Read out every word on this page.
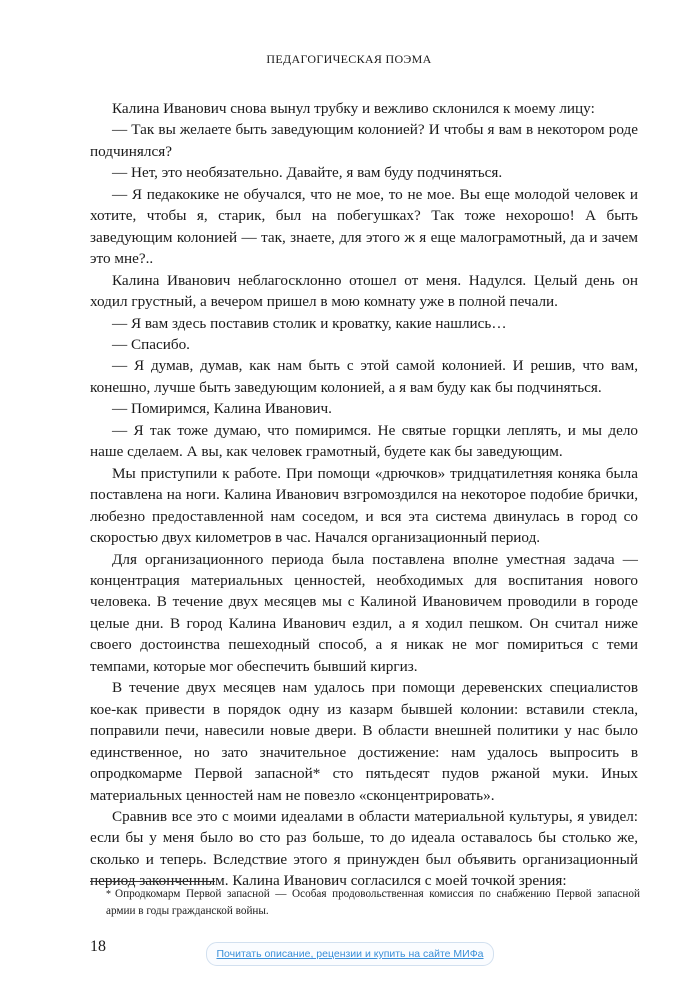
ПЕДАГОГИЧЕСКАЯ ПОЭМА

Калина Иванович снова вынул трубку и вежливо склонился к моему лицу:

— Так вы желаете быть заведующим колонией? И чтобы я вам в некотором роде подчинялся?

— Нет, это необязательно. Давайте, я вам буду подчиняться.

— Я педакокике не обучался, что не мое, то не мое. Вы еще молодой человек и хотите, чтобы я, старик, был на побегушках? Так тоже нехорошо! А быть заведующим колонией — так, знаете, для этого ж я еще малограмотный, да и зачем это мне?..

Калина Иванович неблагосклонно отошел от меня. Надулся. Целый день он ходил грустный, а вечером пришел в мою комнату уже в полной печали.

— Я вам здесь поставив столик и кроватку, какие нашлись…

— Спасибо.

— Я думав, думав, как нам быть с этой самой колонией. И решив, что вам, конешно, лучше быть заведующим колонией, а я вам буду как бы подчиняться.

— Помиримся, Калина Иванович.

— Я так тоже думаю, что помиримся. Не святые горщки леплять, и мы дело наше сделаем. А вы, как человек грамотный, будете как бы заведующим.

Мы приступили к работе. При помощи «дрючков» тридцатилетняя коняка была поставлена на ноги. Калина Иванович взгромоздился на некоторое подобие брички, любезно предоставленной нам соседом, и вся эта система двинулась в город со скоростью двух километров в час. Начался организационный период.

Для организационного периода была поставлена вполне уместная задача — концентрация материальных ценностей, необходимых для воспитания нового человека. В течение двух месяцев мы с Калиной Ивановичем проводили в городе целые дни. В город Калина Иванович ездил, а я ходил пешком. Он считал ниже своего достоинства пешеходный способ, а я никак не мог помириться с теми темпами, которые мог обеспечить бывший киргиз.

В течение двух месяцев нам удалось при помощи деревенских специалистов кое-как привести в порядок одну из казарм бывшей колонии: вставили стекла, поправили печи, навесили новые двери. В области внешней политики у нас было единственное, но зато значительное достижение: нам удалось выпросить в опродкомарме Первой запасной* сто пятьдесят пудов ржаной муки. Иных материальных ценностей нам не повезло «сконцентрировать».

Сравнив все это с моими идеалами в области материальной культуры, я увидел: если бы у меня было во сто раз больше, то до идеала оставалось бы столько же, сколько и теперь. Вследствие этого я принужден был объявить организационный период законченным. Калина Иванович согласился с моей точкой зрения:

* Опродкомарм Первой запасной — Особая продовольственная комиссия по снабжению Первой запасной армии в годы гражданской войны.
18	Почитать описание, рецензии и купить на сайте МИФа
